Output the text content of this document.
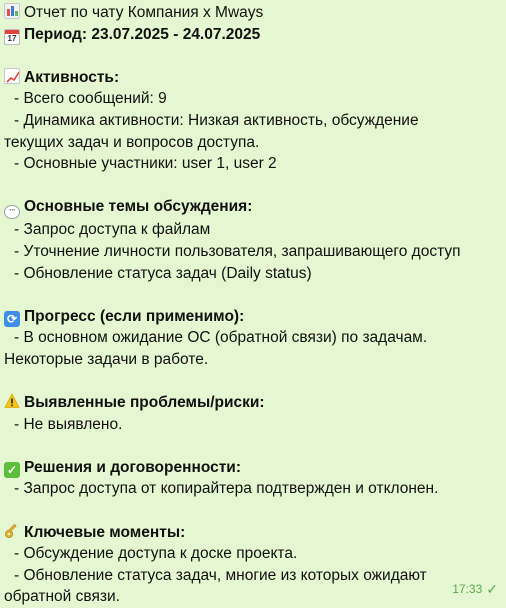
Отчет по чату Компания x Mways
17 Период: 23.07.2025 - 24.07.2025
Активность:
- Всего сообщений: 9
- Динамика активности: Низкая активность, обсуждение
текущих задач и вопросов доступа.
- Основные участники: user 1, user 2
··· Основные темы обсуждения:
- Запрос доступа к файлам
- Уточнение личности пользователя, запрашивающего доступ
- Обновление статуса задач (Daily status)
⟳ Прогресс (если применимо):
- В основном ожидание ОС (обратной связи) по задачам.
Некоторые задачи в работе.
Выявленные проблемы/риски:
- Не выявлено.
✓ Решения и договоренности:
- Запрос доступа от копирайтера подтвержден и отклонен.
Ключевые моменты:
- Обсуждение доступа к доске проекта.
- Обновление статуса задач, многие из которых ожидают
обратной связи.	17:33 ✓
